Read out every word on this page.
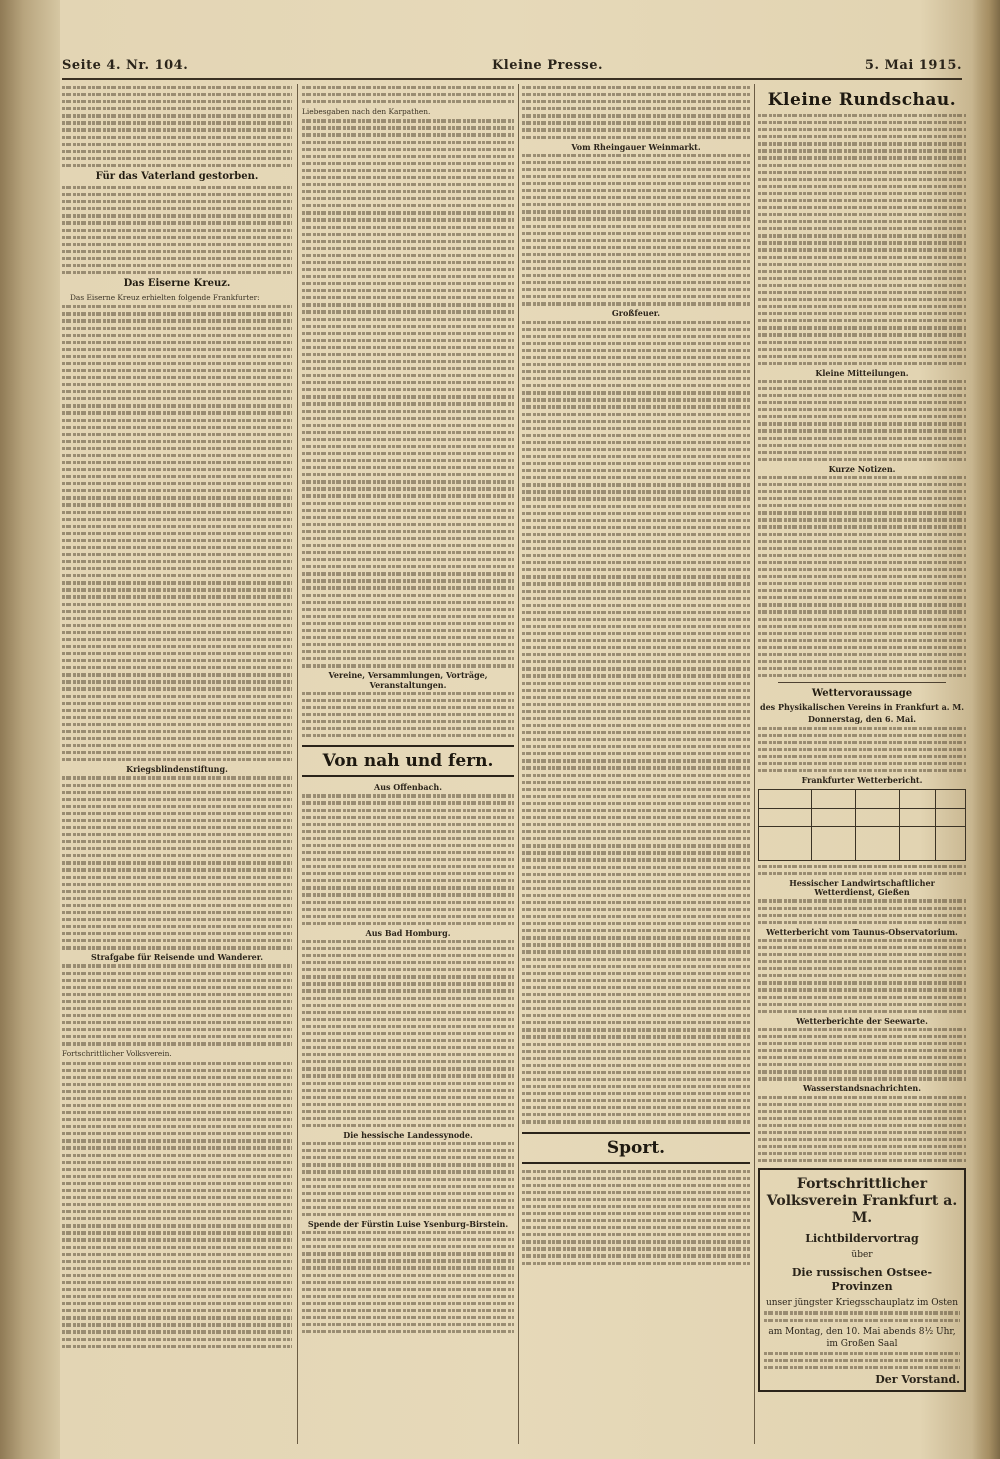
Seite 4. Nr. 104.	Kleine Presse.	5. Mai 1915.
Für das Vaterland gestorben.
Das Eiserne Kreuz.

Das Eiserne Kreuz erhielten folgende Frankfurter:

Kriegsblindenstiftung.
Strafgabe für Reisende und Wanderer.

Fortschrittlicher Volksverein.

Liebesgaben nach den Karpathen.

Vereine, Versammlungen, Vorträge, Veranstaltungen.
Von nah und fern.
Aus Offenbach.
Aus Bad Homburg.
Die hessische Landessynode.
Spende der Fürstin Luise Ysenburg-Birstein.
Vom Rheingauer Weinmarkt.
Großfeuer.
Sport.
Kleine Rundschau.
Kleine Mitteilungen.
Kurze Notizen.
Wettervoraussage
des Physikalischen Vereins in Frankfurt a. M.
Donnerstag, den 6. Mai.
Frankfurter Wetterbericht.
Hessischer Landwirtschaftlicher Wetterdienst, Gießen
Wetterbericht vom Taunus-Observatorium.
Wetterberichte der Seewarte.
Wasserstandsnachrichten.
Fortschrittlicher Volksverein Frankfurt a. M.
Lichtbildervortrag
über
Die russischen Ostsee-Provinzen
unser jüngster Kriegsschauplatz im Osten
am Montag, den 10. Mai abends 8½ Uhr, im Großen Saal
Der Vorstand.
